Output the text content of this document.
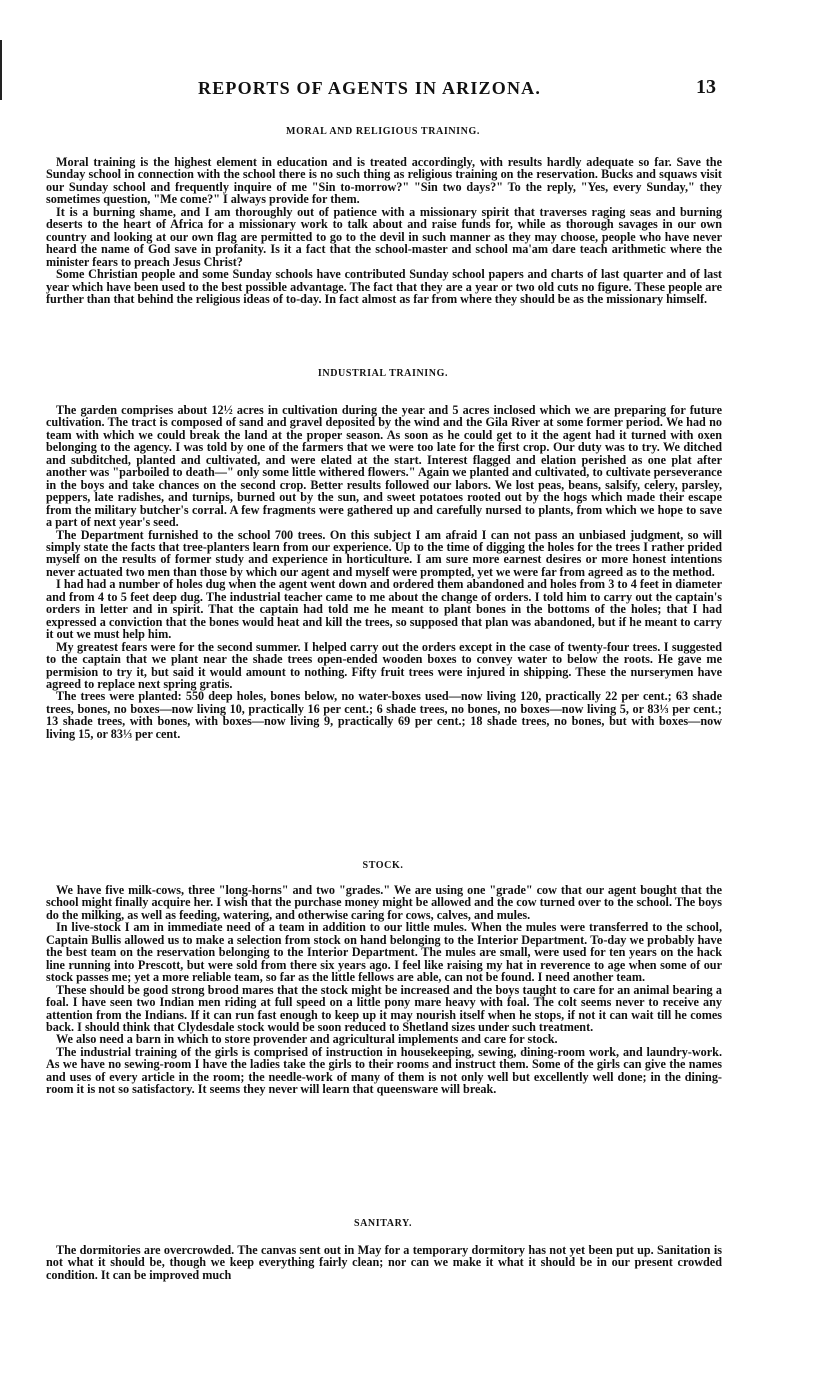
REPORTS OF AGENTS IN ARIZONA.	13
MORAL AND RELIGIOUS TRAINING.

Moral training is the highest element in education and is treated accordingly, with results hardly adequate so far. Save the Sunday school in connection with the school there is no such thing as religious training on the reservation. Bucks and squaws visit our Sunday school and frequently inquire of me "Sin to-morrow?" "Sin two days?" To the reply, "Yes, every Sunday," they sometimes question, "Me come?" I always provide for them.

It is a burning shame, and I am thoroughly out of patience with a missionary spirit that traverses raging seas and burning deserts to the heart of Africa for a missionary work to talk about and raise funds for, while as thorough savages in our own country and looking at our own flag are permitted to go to the devil in such manner as they may choose, people who have never heard the name of God save in profanity. Is it a fact that the school-master and school ma'am dare teach arithmetic where the minister fears to preach Jesus Christ?

Some Christian people and some Sunday schools have contributed Sunday school papers and charts of last quarter and of last year which have been used to the best possible advantage. The fact that they are a year or two old cuts no figure. These people are further than that behind the religious ideas of to-day. In fact almost as far from where they should be as the missionary himself.

INDUSTRIAL TRAINING.

The garden comprises about 12½ acres in cultivation during the year and 5 acres inclosed which we are preparing for future cultivation. The tract is composed of sand and gravel deposited by the wind and the Gila River at some former period. We had no team with which we could break the land at the proper season. As soon as he could get to it the agent had it turned with oxen belonging to the agency. I was told by one of the farmers that we were too late for the first crop. Our duty was to try. We ditched and subditched, planted and cultivated, and were elated at the start. Interest flagged and elation perished as one plat after another was "parboiled to death—" only some little withered flowers." Again we planted and cultivated, to cultivate perseverance in the boys and take chances on the second crop. Better results followed our labors. We lost peas, beans, salsify, celery, parsley, peppers, late radishes, and turnips, burned out by the sun, and sweet potatoes rooted out by the hogs which made their escape from the military butcher's corral. A few fragments were gathered up and carefully nursed to plants, from which we hope to save a part of next year's seed.

The Department furnished to the school 700 trees. On this subject I am afraid I can not pass an unbiased judgment, so will simply state the facts that tree-planters learn from our experience. Up to the time of digging the holes for the trees I rather prided myself on the results of former study and experience in horticulture. I am sure more earnest desires or more honest intentions never actuated two men than those by which our agent and myself were prompted, yet we were far from agreed as to the method.

I had had a number of holes dug when the agent went down and ordered them abandoned and holes from 3 to 4 feet in diameter and from 4 to 5 feet deep dug. The industrial teacher came to me about the change of orders. I told him to carry out the captain's orders in letter and in spirit. That the captain had told me he meant to plant bones in the bottoms of the holes; that I had expressed a conviction that the bones would heat and kill the trees, so supposed that plan was abandoned, but if he meant to carry it out we must help him.

My greatest fears were for the second summer. I helped carry out the orders except in the case of twenty-four trees. I suggested to the captain that we plant near the shade trees open-ended wooden boxes to convey water to below the roots. He gave me permision to try it, but said it would amount to nothing. Fifty fruit trees were injured in shipping. These the nurserymen have agreed to replace next spring gratis.

The trees were planted: 550 deep holes, bones below, no water-boxes used—now living 120, practically 22 per cent.; 63 shade trees, bones, no boxes—now living 10, practically 16 per cent.; 6 shade trees, no bones, no boxes—now living 5, or 83⅓ per cent.; 13 shade trees, with bones, with boxes—now living 9, practically 69 per cent.; 18 shade trees, no bones, but with boxes—now living 15, or 83⅓ per cent.

STOCK.

We have five milk-cows, three "long-horns" and two "grades." We are using one "grade" cow that our agent bought that the school might finally acquire her. I wish that the purchase money might be allowed and the cow turned over to the school. The boys do the milking, as well as feeding, watering, and otherwise caring for cows, calves, and mules.

In live-stock I am in immediate need of a team in addition to our little mules. When the mules were transferred to the school, Captain Bullis allowed us to make a selection from stock on hand belonging to the Interior Department. To-day we probably have the best team on the reservation belonging to the Interior Department. The mules are small, were used for ten years on the hack line running into Prescott, but were sold from there six years ago. I feel like raising my hat in reverence to age when some of our stock passes me; yet a more reliable team, so far as the little fellows are able, can not be found. I need another team.

These should be good strong brood mares that the stock might be increased and the boys taught to care for an animal bearing a foal. I have seen two Indian men riding at full speed on a little pony mare heavy with foal. The colt seems never to receive any attention from the Indians. If it can run fast enough to keep up it may nourish itself when he stops, if not it can wait till he comes back. I should think that Clydesdale stock would be soon reduced to Shetland sizes under such treatment.

We also need a barn in which to store provender and agricultural implements and care for stock.

The industrial training of the girls is comprised of instruction in housekeeping, sewing, dining-room work, and laundry-work. As we have no sewing-room I have the ladies take the girls to their rooms and instruct them. Some of the girls can give the names and uses of every article in the room; the needle-work of many of them is not only well but excellently well done; in the dining-room it is not so satisfactory. It seems they never will learn that queensware will break.

SANITARY.

The dormitories are overcrowded. The canvas sent out in May for a temporary dormitory has not yet been put up. Sanitation is not what it should be, though we keep everything fairly clean; nor can we make it what it should be in our present crowded condition. It can be improved much
